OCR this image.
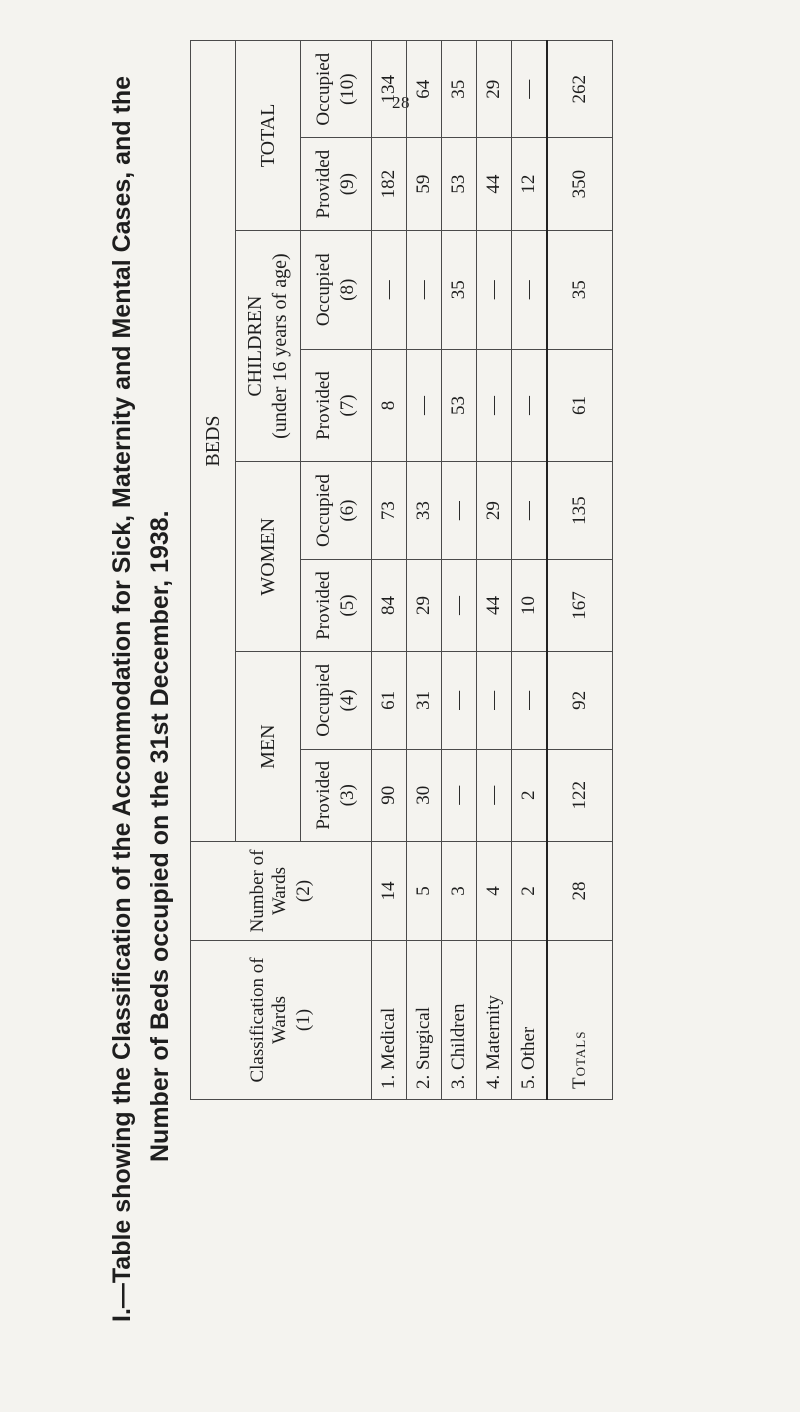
28
I.—Table showing the Classification of the Accommodation for Sick, Maternity and Mental Cases, and the Number of Beds occupied on the 31st December, 1938.	Classification of Wards (1)	Number of Wards (2)	BEDS							
		MEN		WOMEN		CHILDREN (under 16 years of age)		TOTAL	

		Provided (3)	Occupied (4)	Provided (5)	Occupied (6)	Provided (7)	Occupied (8)	Provided (9)	Occupied (10)

1. Medical	14	90	61	84	73	8	—	182	134
2. Surgical	5	30	31	29	33	—	—	59	64
3. Children	3	—	—	—	—	53	35	53	35
4. Maternity	4	—	—	44	29	—	—	44	29
5. Other	2	2	—	10	—	—	—	12	—
Totals	28	122	92	167	135	61	35	350	262
